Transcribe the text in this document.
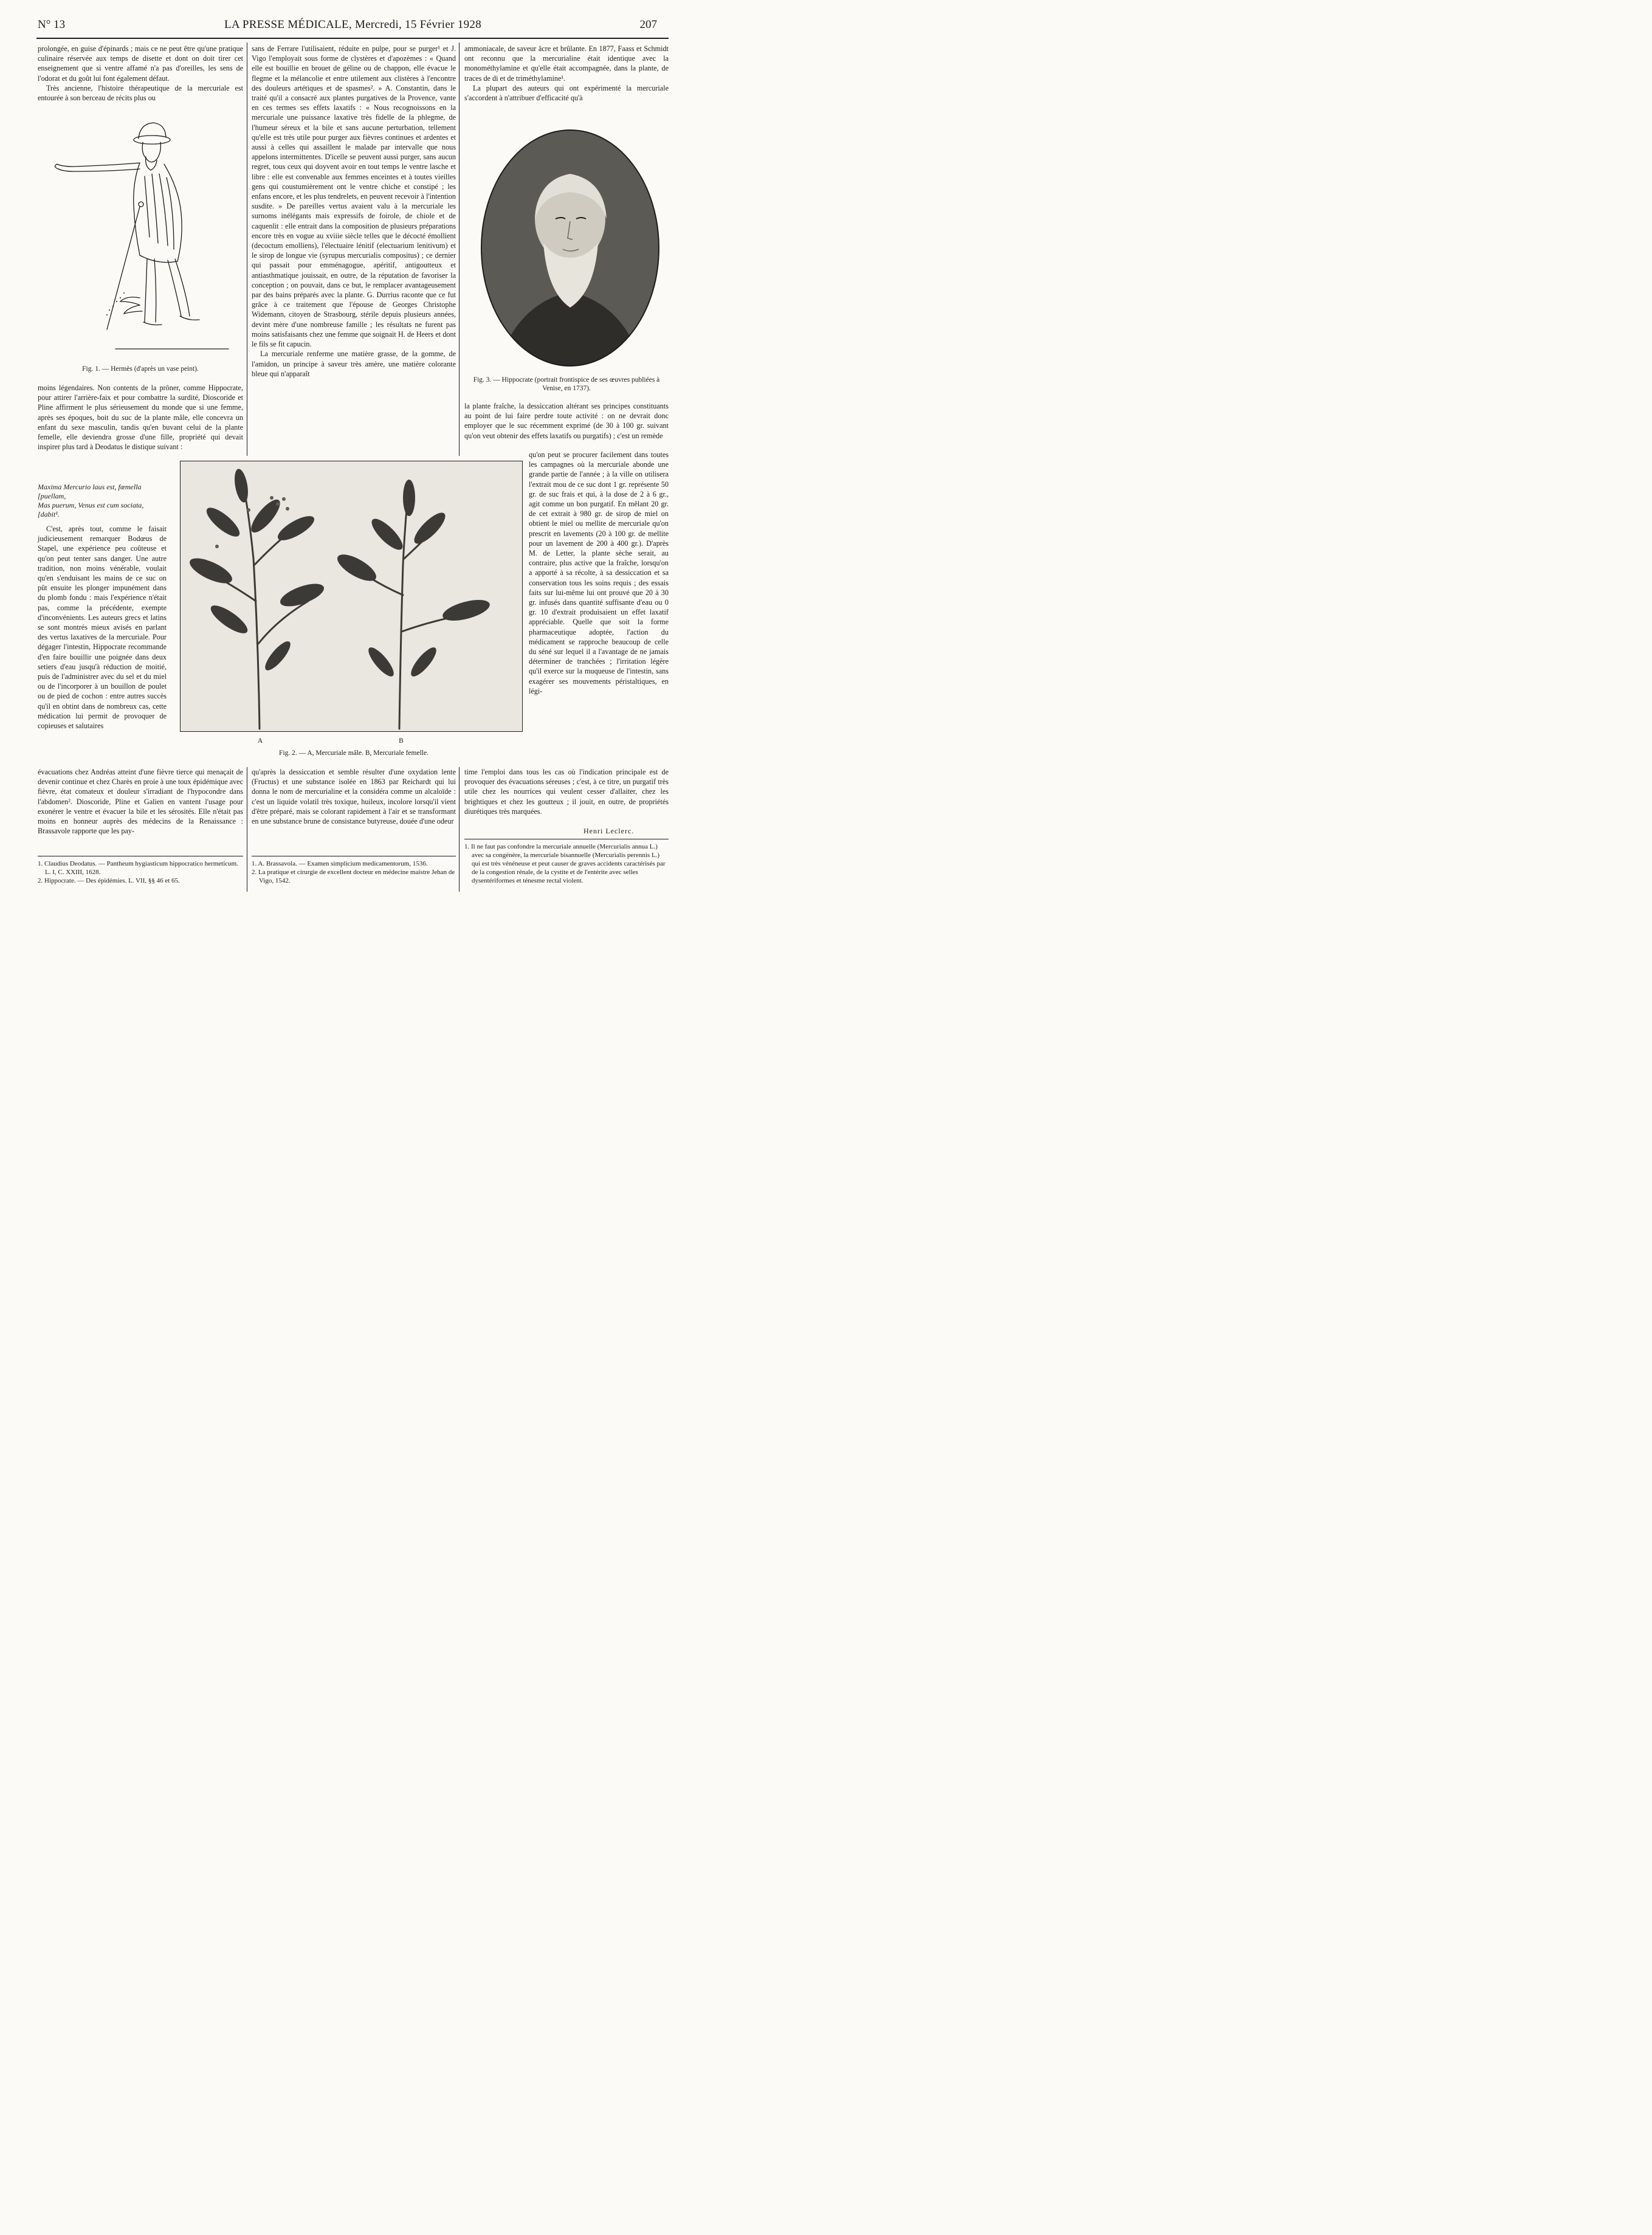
N° 13	LA PRESSE MÉDICALE, Mercredi, 15 Février 1928	207

prolongée, en guise d'épinards ; mais ce ne peut être qu'une pratique culinaire réservée aux temps de disette et dont on doit tirer cet enseignement que si ventre affamé n'a pas d'oreilles, les sens de l'odorat et du goût lui font également défaut.

Très ancienne, l'histoire thérapeutique de la mercuriale est entourée à son berceau de récits plus ou

Fig. 1. — Hermès (d'après un vase peint).

moins légendaires. Non contents de la prôner, comme Hippocrate, pour attirer l'arrière-faix et pour combattre la surdité, Dioscoride et Pline affirment le plus sérieusement du monde que si une femme, après ses époques, boit du suc de la plante mâle, elle concevra un enfant du sexe masculin, tandis qu'en buvant celui de la plante femelle, elle deviendra grosse d'une fille, propriété qui devait inspirer plus tard à Deodatus le distique suivant :

Maxima Mercurio laus est, fœmella
[puellam,
Mas puerum, Venus est cum sociata,
[dabit¹.

C'est, après tout, comme le faisait judicieusement remarquer Bodœus de Stapel, une expérience peu coûteuse et qu'on peut tenter sans danger. Une autre tradition, non moins vénérable, voulait qu'en s'enduisant les mains de ce suc on pût ensuite les plonger impunément dans du plomb fondu : mais l'expérience n'était pas, comme la précédente, exempte d'inconvénients. Les auteurs grecs et latins se sont montrés mieux avisés en parlant des vertus laxatives de la mercuriale. Pour dégager l'intestin, Hippocrate recommande d'en faire bouillir une poignée dans deux setiers d'eau jusqu'à réduction de moitié, puis de l'administrer avec du sel et du miel ou de l'incorporer à un bouillon de poulet ou de pied de cochon : entre autres succès qu'il en obtint dans de nombreux cas, cette médication lui permit de provoquer de copieuses et salutaires

évacuations chez Andréas atteint d'une fièvre tierce qui menaçait de devenir continue et chez Charès en proie à une toux épidémique avec fièvre, état comateux et douleur s'irradiant de l'hypocondre dans l'abdomen². Dioscoride, Pline et Galien en vantent l'usage pour exonérer le ventre et évacuer la bile et les sérosités. Elle n'était pas moins en honneur auprès des médecins de la Renaissance : Brassavole rapporte que les pay-

1. Claudius Deodatus. — Pantheum hygiasticum hippocratico hermeticum. L. I, C. XXIII, 1628.

2. Hippocrate. — Des épidémies. L. VII, §§ 46 et 65.

sans de Ferrare l'utilisaient, réduite en pulpe, pour se purger¹ et J. Vigo l'employait sous forme de clystères et d'apozèmes : « Quand elle est bouillie en brouet de géline ou de chappon, elle évacue le flegme et la mélancolie et entre utilement aux clistères à l'encontre des douleurs artétiques et de spasmes². » A. Constantin, dans le traité qu'il a consacré aux plantes purgatives de la Provence, vante en ces termes ses effets laxatifs : « Nous recognoissons en la mercuriale une puissance laxative très fidelle de la phlegme, de l'humeur séreux et la bile et sans aucune perturbation, tellement qu'elle est très utile pour purger aux fièvres continues et ardentes et aussi à celles qui assaillent le malade par intervalle que nous appelons intermittentes. D'icelle se peuvent aussi purger, sans aucun regret, tous ceux qui doyvent avoir en tout temps le ventre lasche et libre : elle est convenable aux femmes enceintes et à toutes vieilles gens qui coustumièrement ont le ventre chiche et constipé ; les enfans encore, et les plus tendrelets, en peuvent recevoir à l'intention susdite. » De pareilles vertus avaient valu à la mercuriale les surnoms inélégants mais expressifs de foirole, de chiole et de caquenlit : elle entrait dans la composition de plusieurs préparations encore très en vogue au xviiie siècle telles que le décocté émollient (decoctum emolliens), l'électuaire lénitif (electuarium lenitivum) et le sirop de longue vie (syrupus mercurialis compositus) ; ce dernier qui passait pour emménagogue, apéritif, antigoutteux et antiasthmatique jouissait, en outre, de la réputation de favoriser la conception ; on pouvait, dans ce but, le remplacer avantageusement par des bains préparés avec la plante. G. Durrius raconte que ce fut grâce à ce traitement que l'épouse de Georges Christophe Widemann, citoyen de Strasbourg, stérile depuis plusieurs années, devint mère d'une nombreuse famille ; les résultats ne furent pas moins satisfaisants chez une femme que soignait H. de Heers et dont le fils se fit capucin.

La mercuriale renferme une matière grasse, de la gomme, de l'amidon, un principe à saveur très amère, une matière colorante bleue qui n'apparaît

A	B
Fig. 2. — A, Mercuriale mâle. B, Mercuriale femelle.

qu'après la dessiccation et semble résulter d'une oxydation lente (Fructus) et une substance isolée en 1863 par Reichardt qui lui donna le nom de mercurialine et la considéra comme un alcaloïde : c'est un liquide volatil très toxique, huileux, incolore lorsqu'il vient d'être préparé, mais se colorant rapidement à l'air et se transformant en une substance brune de consistance butyreuse, douée d'une odeur

1. A. Brassavola. — Examen simplicium medicamentorum, 1536.

2. La pratique et cirurgie de excellent docteur en médecine maistre Jehan de Vigo, 1542.

ammoniacale, de saveur âcre et brûlante. En 1877, Faass et Schmidt ont reconnu que la mercurialine était identique avec la monométhylamine et qu'elle était accompagnée, dans la plante, de traces de di et de triméthylamine¹.

La plupart des auteurs qui ont expérimenté la mercuriale s'accordent à n'attribuer d'efficacité qu'à

Fig. 3. — Hippocrate (portrait frontispice de ses œuvres publiées à Venise, en 1737).

la plante fraîche, la dessiccation altérant ses principes constituants au point de lui faire perdre toute activité : on ne devrait donc employer que le suc récemment exprimé (de 30 à 100 gr. suivant qu'on veut obtenir des effets laxatifs ou purgatifs) ; c'est un remède

qu'on peut se procurer facilement dans toutes les campagnes où la mercuriale abonde une grande partie de l'année ; à la ville on utilisera l'extrait mou de ce suc dont 1 gr. représente 50 gr. de suc frais et qui, à la dose de 2 à 6 gr., agit comme un bon purgatif. En mêlant 20 gr. de cet extrait à 980 gr. de sirop de miel on obtient le miel ou mellite de mercuriale qu'on prescrit en lavements (20 à 100 gr. de mellite pour un lavement de 200 à 400 gr.). D'après M. de Letter, la plante sèche serait, au contraire, plus active que la fraîche, lorsqu'on a apporté à sa récolte, à sa dessiccation et sa conservation tous les soins requis ; des essais faits sur lui-même lui ont prouvé que 20 à 30 gr. infusés dans quantité suffisante d'eau ou 0 gr. 10 d'extrait produisaient un effet laxatif appréciable. Quelle que soit la forme pharmaceutique adoptée, l'action du médicament se rapproche beaucoup de celle du séné sur lequel il a l'avantage de ne jamais déterminer de tranchées ; l'irritation légère qu'il exerce sur la muqueuse de l'intestin, sans exagérer ses mouvements péristaltiques, en légi-

time l'emploi dans tous les cas où l'indication principale est de provoquer des évacuations séreuses ; c'est, à ce titre, un purgatif très utile chez les nourrices qui veulent cesser d'allaiter, chez les brightiques et chez les goutteux ; il jouit, en outre, de propriétés diurétiques très marquées.

Henri Leclerc.

1. Il ne faut pas confondre la mercuriale annuelle (Mercurialis annua L.) avec sa congénère, la mercuriale bisannuelle (Mercurialis perennis L.) qui est très vénéneuse et peut causer de graves accidents caractérisés par de la congestion rénale, de la cystite et de l'entérite avec selles dysentériformes et ténesme rectal violent.
